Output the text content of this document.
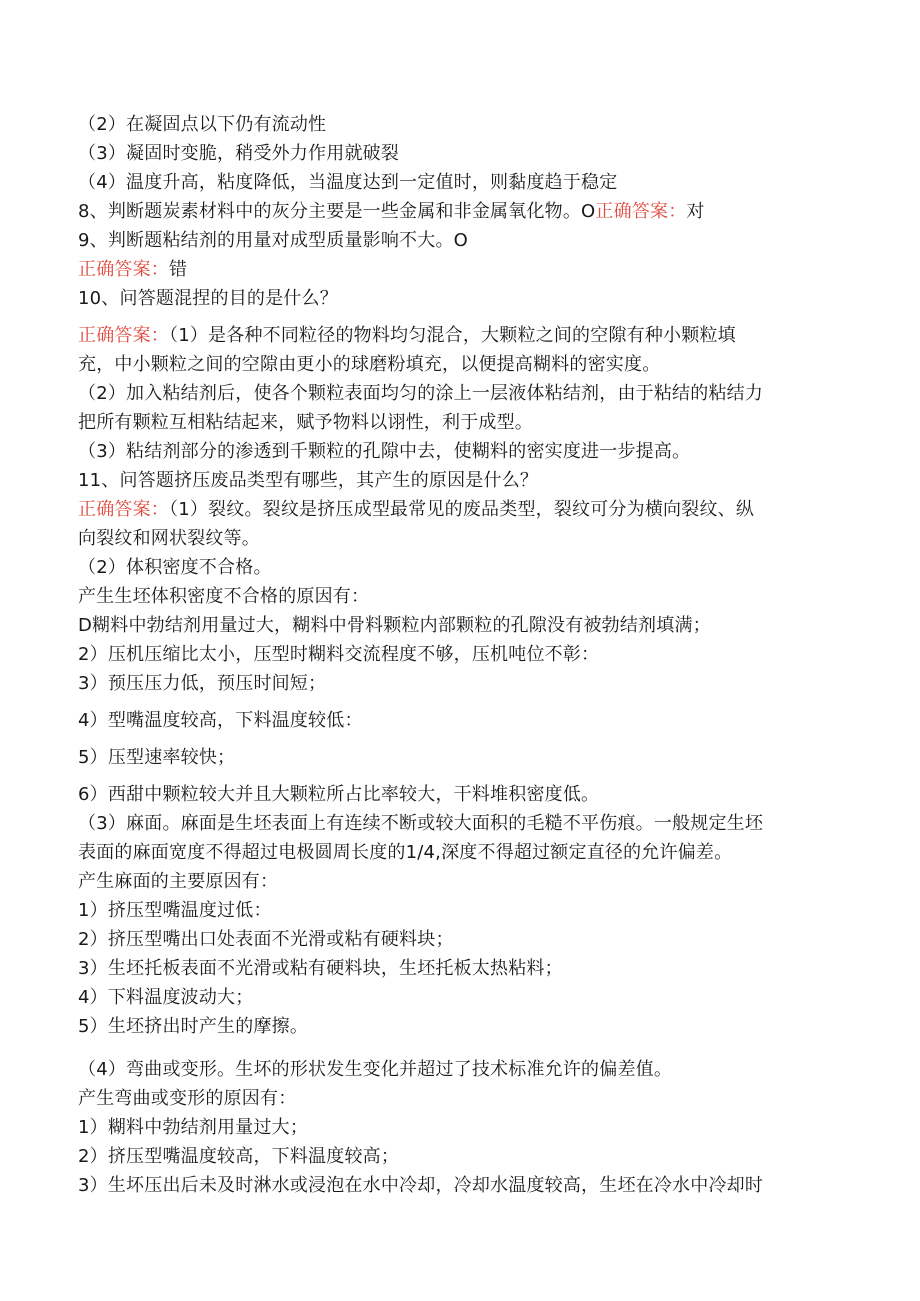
（2）在凝固点以下仍有流动性
（3）凝固时变脆，稍受外力作用就破裂
（4）温度升高，粘度降低，当温度达到一定值时，则黏度趋于稳定
8、判断题炭素材料中的灰分主要是一些金属和非金属氧化物。O正确答案：对
9、判断题粘结剂的用量对成型质量影响不大。O
正确答案：错
10、问答题混捏的目的是什么？
正确答案：（1）是各种不同粒径的物料均匀混合，大颗粒之间的空隙有种小颗粒填
充，中小颗粒之间的空隙由更小的球磨粉填充，以便提高糊料的密实度。
（2）加入粘结剂后，使各个颗粒表面均匀的涂上一层液体粘结剂，由于粘结的粘结力
把所有颗粒互相粘结起来，赋予物料以诩性，利于成型。
（3）粘结剂部分的渗透到千颗粒的孔隙中去，使糊料的密实度进一步提高。
11、问答题挤压废品类型有哪些，其产生的原因是什么？
正确答案：（1）裂纹。裂纹是挤压成型最常见的废品类型，裂纹可分为横向裂纹、纵
向裂纹和网状裂纹等。
（2）体积密度不合格。
产生生坯体积密度不合格的原因有：
D糊料中勃结剂用量过大，糊料中骨料颗粒内部颗粒的孔隙没有被勃结剂填满；
2）压机压缩比太小，压型时糊料交流程度不够，压机吨位不彰：
3）预压压力低，预压时间短；
4）型嘴温度较高，下料温度较低：
5）压型速率较快；
6）西甜中颗粒较大并且大颗粒所占比率较大，干料堆积密度低。
（3）麻面。麻面是生坯表面上有连续不断或较大面积的毛糙不平伤痕。一般规定生坯
表面的麻面宽度不得超过电极圆周长度的1/4,深度不得超过额定直径的允许偏差。
产生麻面的主要原因有：
1）挤压型嘴温度过低：
2）挤压型嘴出口处表面不光滑或粘有硬料块；
3）生坯托板表面不光滑或粘有硬料块，生坯托板太热粘料；
4）下料温度波动大；
5）生坯挤出时产生的摩擦。
（4）弯曲或变形。生坏的形状发生变化并超过了技术标准允许的偏差值。
产生弯曲或变形的原因有：
1）糊料中勃结剂用量过大；
2）挤压型嘴温度较高，下料温度较高；
3）生坏压出后未及时淋水或浸泡在水中冷却，冷却水温度较高，生坯在冷水中冷却时
